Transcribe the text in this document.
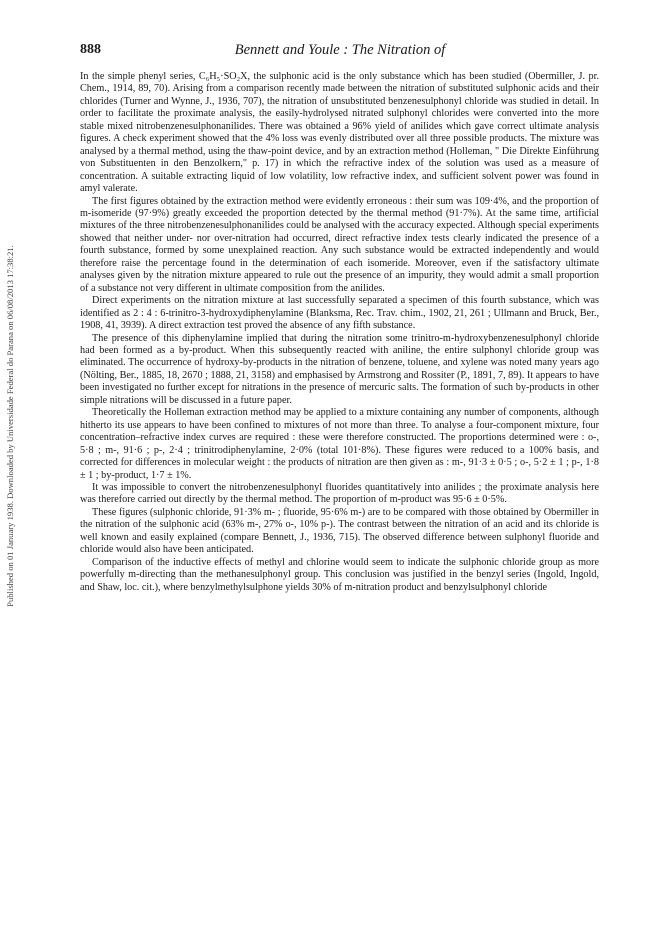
Published on 01 January 1938. Downloaded by Universidade Federal do Parana on 06/08/2013 17:38:21.
888	Bennett and Youle : The Nitration of

In the simple phenyl series, C₆H₅·SO₂X, the sulphonic acid is the only substance which has been studied (Obermiller, J. pr. Chem., 1914, 89, 70). Arising from a comparison recently made between the nitration of substituted sulphonic acids and their chlorides (Turner and Wynne, J., 1936, 707), the nitration of unsubstituted benzenesulphonyl chloride was studied in detail. In order to facilitate the proximate analysis, the easily-hydrolysed nitrated sulphonyl chlorides were converted into the more stable mixed nitrobenzenesulphonanilides. There was obtained a 96% yield of anilides which gave correct ultimate analysis figures. A check experiment showed that the 4% loss was evenly distributed over all three possible products. The mixture was analysed by a thermal method, using the thaw-point device, and by an extraction method (Holleman, " Die Direkte Einführung von Substituenten in den Benzolkern," p. 17) in which the refractive index of the solution was used as a measure of concentration. A suitable extracting liquid of low volatility, low refractive index, and sufficient solvent power was found in amyl valerate.

The first figures obtained by the extraction method were evidently erroneous : their sum was 109·4%, and the proportion of m-isomeride (97·9%) greatly exceeded the proportion detected by the thermal method (91·7%). At the same time, artificial mixtures of the three nitrobenzenesulphonanilides could be analysed with the accuracy expected. Although special experiments showed that neither under- nor over-nitration had occurred, direct refractive index tests clearly indicated the presence of a fourth substance, formed by some unexplained reaction. Any such substance would be extracted independently and would therefore raise the percentage found in the determination of each isomeride. Moreover, even if the satisfactory ultimate analyses given by the nitration mixture appeared to rule out the presence of an impurity, they would admit a small proportion of a substance not very different in ultimate composition from the anilides.

Direct experiments on the nitration mixture at last successfully separated a specimen of this fourth substance, which was identified as 2 : 4 : 6-trinitro-3-hydroxydiphenylamine (Blanksma, Rec. Trav. chim., 1902, 21, 261 ; Ullmann and Bruck, Ber., 1908, 41, 3939). A direct extraction test proved the absence of any fifth substance.

The presence of this diphenylamine implied that during the nitration some trinitro-m-hydroxybenzenesulphonyl chloride had been formed as a by-product. When this subsequently reacted with aniline, the entire sulphonyl chloride group was eliminated. The occurrence of hydroxy-by-products in the nitration of benzene, toluene, and xylene was noted many years ago (Nölting, Ber., 1885, 18, 2670 ; 1888, 21, 3158) and emphasised by Armstrong and Rossiter (P., 1891, 7, 89). It appears to have been investigated no further except for nitrations in the presence of mercuric salts. The formation of such by-products in other simple nitrations will be discussed in a future paper.

Theoretically the Holleman extraction method may be applied to a mixture containing any number of components, although hitherto its use appears to have been confined to mixtures of not more than three. To analyse a four-component mixture, four concentration–refractive index curves are required : these were therefore constructed. The proportions determined were : o-, 5·8 ; m-, 91·6 ; p-, 2·4 ; trinitrodiphenylamine, 2·0% (total 101·8%). These figures were reduced to a 100% basis, and corrected for differences in molecular weight : the products of nitration are then given as : m-, 91·3 ± 0·5 ; o-, 5·2 ± 1 ; p-, 1·8 ± 1 ; by-product, 1·7 ± 1%.

It was impossible to convert the nitrobenzenesulphonyl fluorides quantitatively into anilides ; the proximate analysis here was therefore carried out directly by the thermal method. The proportion of m-product was 95·6 ± 0·5%.

These figures (sulphonic chloride, 91·3% m- ; fluoride, 95·6% m-) are to be compared with those obtained by Obermiller in the nitration of the sulphonic acid (63% m-, 27% o-, 10% p-). The contrast between the nitration of an acid and its chloride is well known and easily explained (compare Bennett, J., 1936, 715). The observed difference between sulphonyl fluoride and chloride would also have been anticipated.

Comparison of the inductive effects of methyl and chlorine would seem to indicate the sulphonic chloride group as more powerfully m-directing than the methanesulphonyl group. This conclusion was justified in the benzyl series (Ingold, Ingold, and Shaw, loc. cit.), where benzylmethylsulphone yields 30% of m-nitration product and benzylsulphonyl chloride
